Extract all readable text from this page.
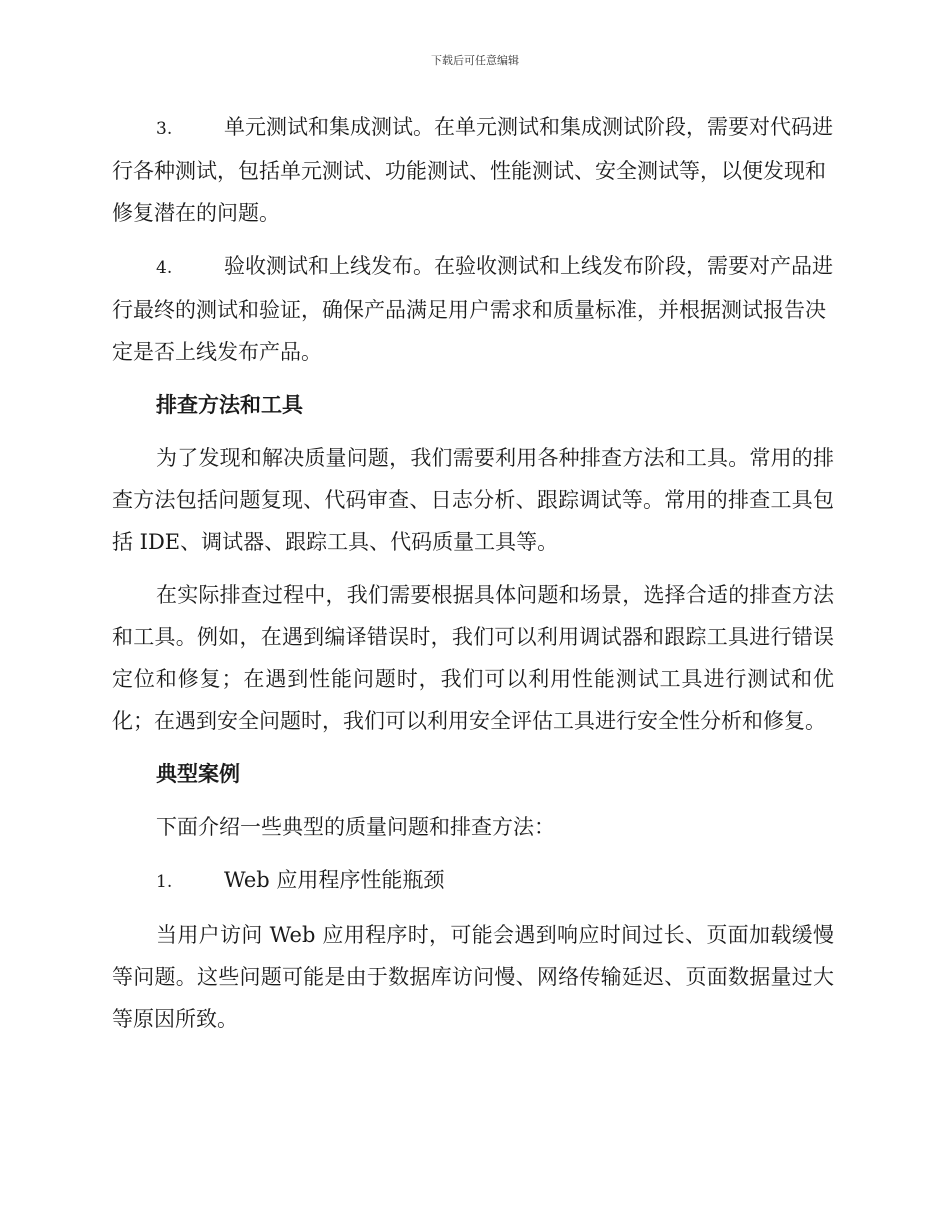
下载后可任意编辑

3. 单元测试和集成测试。在单元测试和集成测试阶段，需要对代码进行各种测试，包括单元测试、功能测试、性能测试、安全测试等，以便发现和修复潜在的问题。

4. 验收测试和上线发布。在验收测试和上线发布阶段，需要对产品进行最终的测试和验证，确保产品满足用户需求和质量标准，并根据测试报告决定是否上线发布产品。

排查方法和工具

为了发现和解决质量问题，我们需要利用各种排查方法和工具。常用的排查方法包括问题复现、代码审查、日志分析、跟踪调试等。常用的排查工具包括 IDE、调试器、跟踪工具、代码质量工具等。

在实际排查过程中，我们需要根据具体问题和场景，选择合适的排查方法和工具。例如，在遇到编译错误时，我们可以利用调试器和跟踪工具进行错误定位和修复；在遇到性能问题时，我们可以利用性能测试工具进行测试和优化；在遇到安全问题时，我们可以利用安全评估工具进行安全性分析和修复。

典型案例

下面介绍一些典型的质量问题和排查方法：

1. Web 应用程序性能瓶颈

当用户访问 Web 应用程序时，可能会遇到响应时间过长、页面加载缓慢等问题。这些问题可能是由于数据库访问慢、网络传输延迟、页面数据量过大等原因所致。
